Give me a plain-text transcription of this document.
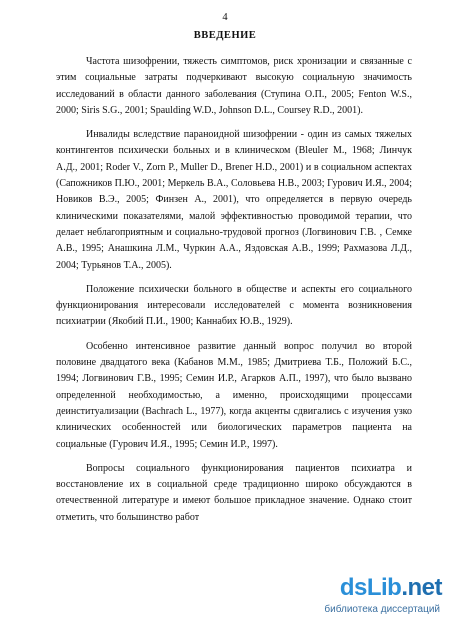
4
ВВЕДЕНИЕ

Частота шизофрении, тяжесть симптомов, риск хронизации и связанные с этим социальные затраты подчеркивают высокую социальную значимость исследований в области данного заболевания (Ступина О.П., 2005; Fenton W.S., 2000; Siris S.G., 2001; Spaulding W.D., Johnson D.L., Coursey R.D., 2001).

Инвалиды вследствие параноидной шизофрении - один из самых тяжелых контингентов психически больных и в клиническом (Bleuler M., 1968; Линчук А.Д., 2001; Roder V., Zorn P., Muller D., Brener H.D., 2001) и в социальном аспектах (Сапожников П.Ю., 2001; Меркель В.А., Соловьева Н.В., 2003; Гурович И.Я., 2004; Новиков В.Э., 2005; Финзен А., 2001), что определяется в первую очередь клиническими показателями, малой эффективностью проводимой терапии, что делает неблагоприятным и социально-трудовой прогноз (Логвинович Г.В. , Семке А.В., 1995; Анашкина Л.М., Чуркин А.А., Яздовская А.В., 1999; Рахмазова Л.Д., 2004; Турьянов Т.А., 2005).

Положение психически больного в обществе и аспекты его социального функционирования интересовали исследователей с момента возникновения психиатрии (Якобий П.И., 1900; Каннабих Ю.В., 1929).

Особенно интенсивное развитие данный вопрос получил во второй половине двадцатого века (Кабанов М.М., 1985; Дмитриева Т.Б., Положий Б.С., 1994; Логвинович Г.В., 1995; Семин И.Р., Агарков А.П., 1997), что было вызвано определенной необходимостью, а именно, происходящими процессами деинституализации (Bachrach L., 1977), когда акценты сдвигались с изучения узко клинических особенностей или биологических параметров пациента на социальные (Гурович И.Я., 1995; Семин И.Р., 1997).

Вопросы социального функционирования пациентов психиатра и восстановление их в социальной среде традиционно широко обсуждаются в отечественной литературе и имеют большое прикладное значение. Однако стоит отметить, что большинство работ

dsLib.net
библиотека диссертаций
